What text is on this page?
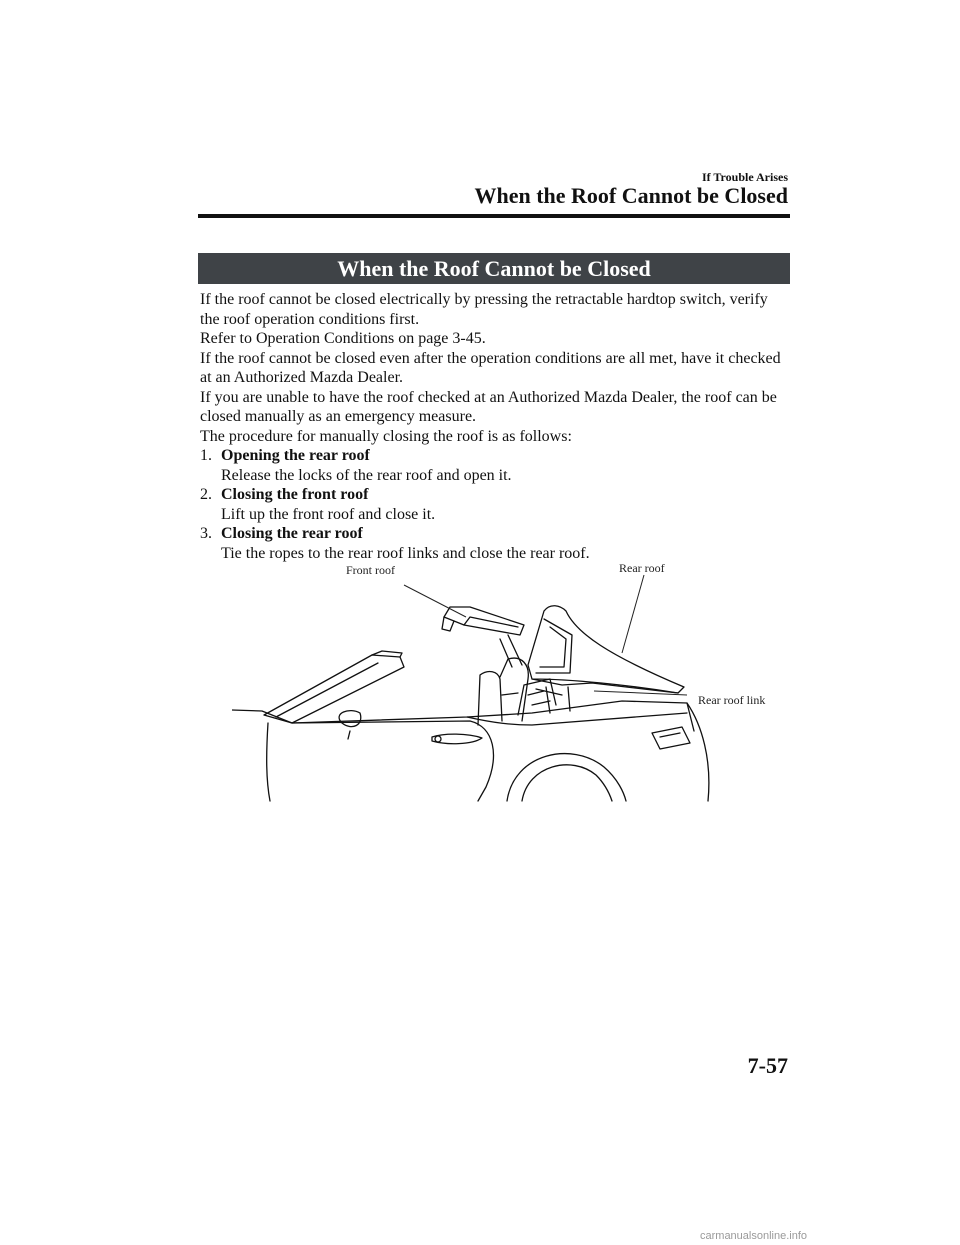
If Trouble Arises
When the Roof Cannot be Closed
When the Roof Cannot be Closed

If the roof cannot be closed electrically by pressing the retractable hardtop switch, verify the roof operation conditions first.

Refer to Operation Conditions on page 3-45.

If the roof cannot be closed even after the operation conditions are all met, have it checked at an Authorized Mazda Dealer.

If you are unable to have the roof checked at an Authorized Mazda Dealer, the roof can be closed manually as an emergency measure.

The procedure for manually closing the roof is as follows:

1. Opening the rear roof
Release the locks of the rear roof and open it.
2. Closing the front roof
Lift up the front roof and close it.
3. Closing the rear roof
Tie the ropes to the rear roof links and close the rear roof.
Front roof	Rear roof
Rear roof link
7-57
carmanualsonline.info
